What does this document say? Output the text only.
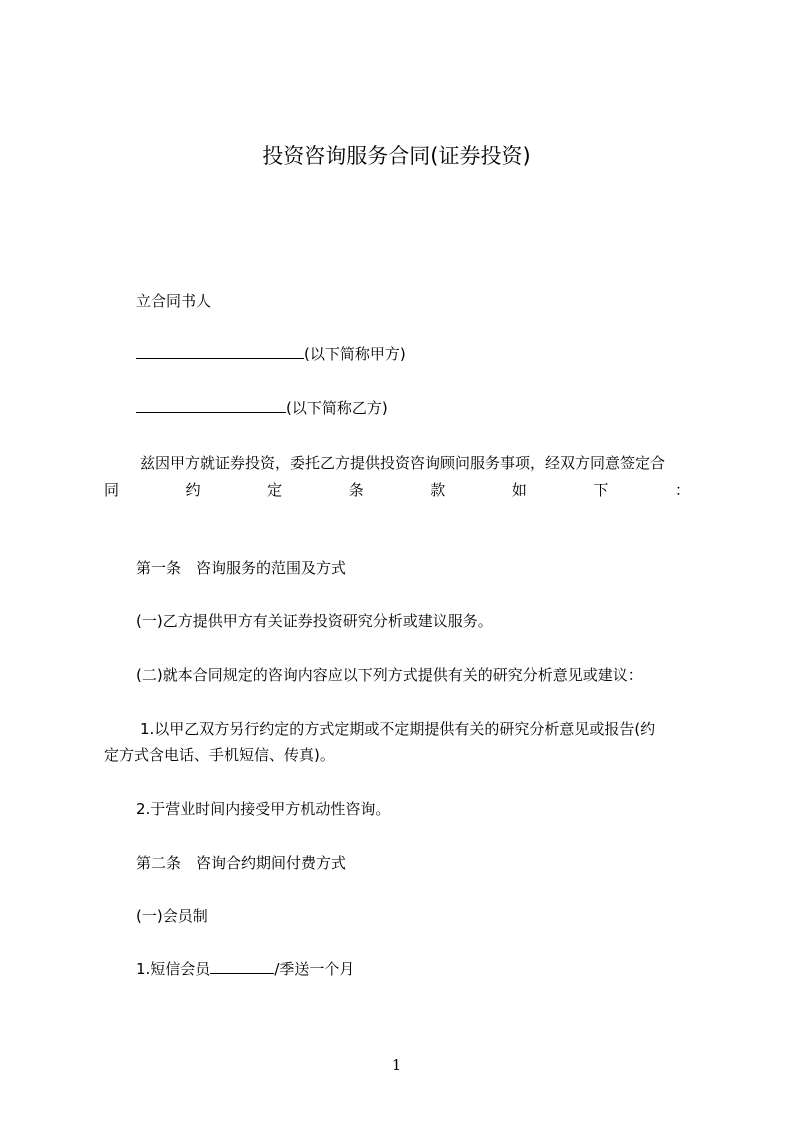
投资咨询服务合同(证券投资)
立合同书人
(以下简称甲方)
(以下简称乙方)
兹因甲方就证券投资，委托乙方提供投资咨询顾问服务事项，经双方同意签定合
同	约	定	条	款	如	下	：
第一条　咨询服务的范围及方式
(一)乙方提供甲方有关证券投资研究分析或建议服务。
(二)就本合同规定的咨询内容应以下列方式提供有关的研究分析意见或建议：
1.以甲乙双方另行约定的方式定期或不定期提供有关的研究分析意见或报告(约
定方式含电话、手机短信、传真)。
2.于营业时间内接受甲方机动性咨询。
第二条　咨询合约期间付费方式
(一)会员制
1.短信会员	/季送一个月
1
